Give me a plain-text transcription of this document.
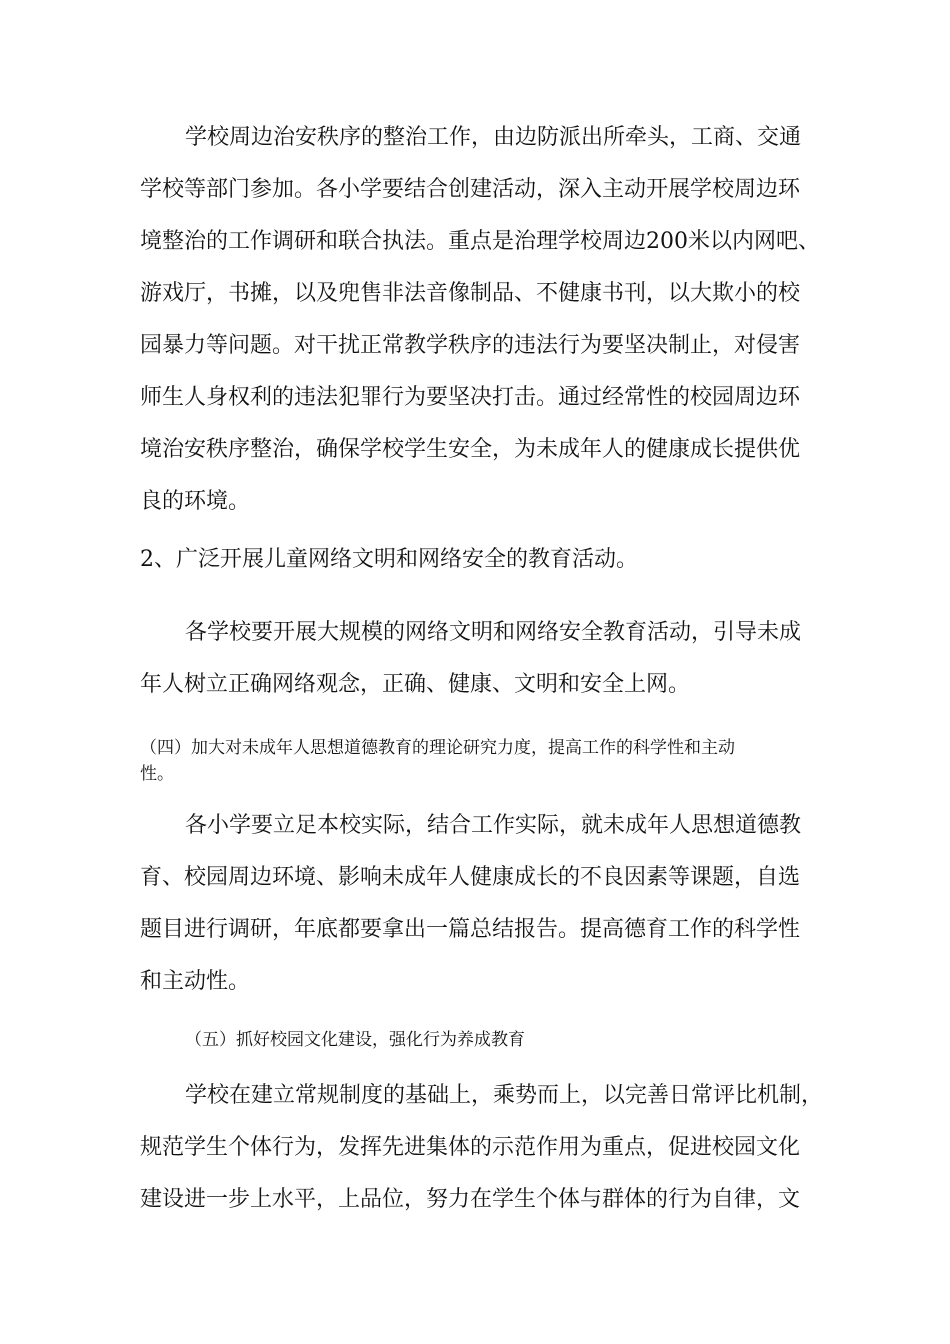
学校周边治安秩序的整治工作，由边防派出所牵头，工商、交通
学校等部门参加。各小学要结合创建活动，深入主动开展学校周边环
境整治的工作调研和联合执法。重点是治理学校周边200米以内网吧、
游戏厅，书摊，以及兜售非法音像制品、不健康书刊，以大欺小的校
园暴力等问题。对干扰正常教学秩序的违法行为要坚决制止，对侵害
师生人身权利的违法犯罪行为要坚决打击。通过经常性的校园周边环
境治安秩序整治，确保学校学生安全，为未成年人的健康成长提供优
良的环境。
2、广泛开展儿童网络文明和网络安全的教育活动。
各学校要开展大规模的网络文明和网络安全教育活动，引导未成
年人树立正确网络观念，正确、健康、文明和安全上网。
（四）加大对未成年人思想道德教育的理论研究力度，提高工作的科学性和主动
性。
各小学要立足本校实际，结合工作实际，就未成年人思想道德教
育、校园周边环境、影响未成年人健康成长的不良因素等课题，自选
题目进行调研，年底都要拿出一篇总结报告。提高德育工作的科学性
和主动性。
（五）抓好校园文化建设，强化行为养成教育
学校在建立常规制度的基础上，乘势而上，以完善日常评比机制，
规范学生个体行为，发挥先进集体的示范作用为重点，促进校园文化
建设进一步上水平，上品位，努力在学生个体与群体的行为自律，文
